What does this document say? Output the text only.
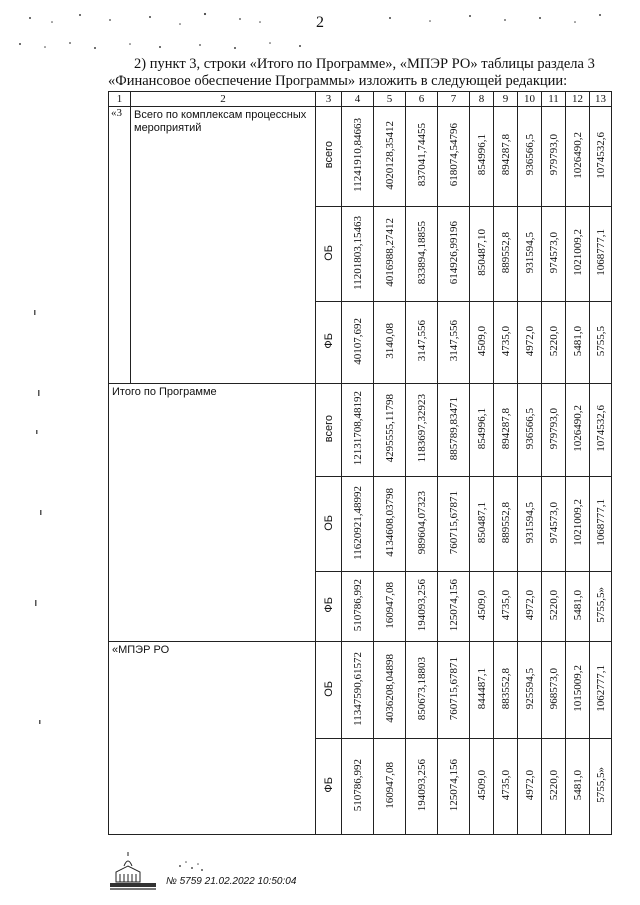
2
2) пункт 3, строки «Итого по Программе», «МПЭР РО» таблицы раздела 3
«Финансовое обеспечение Программы» изложить в следующей редакции:
1	2	3	4	5	6	7	8	9	10	11	12	13
«3	Всего по комплексам процессных мероприятий	всего	11241910,84663	4020128,35412	837041,74455	618074,54796	854996,1	894287,8	936566,5	979793,0	1026490,2	1074532,6
		ОБ	11201803,15463	4016988,27412	833894,18855	614926,99196	850487,10	889552,8	931594,5	974573,0	1021009,2	1068777,1
		ФБ	40107,692	3140,08	3147,556	3147,556	4509,0	4735,0	4972,0	5220,0	5481,0	5755,5

Итого по Программе		всего	12131708,48192	4295555,11798	1183697,32923	885789,83471	854996,1	894287,8	936566,5	979793,0	1026490,2	1074532,6
		ОБ	11620921,48992	4134608,03798	989604,07323	760715,67871	850487,1	889552,8	931594,5	974573,0	1021009,2	1068777,1
		ФБ	510786,992	160947,08	194093,256	125074,156	4509,0	4735,0	4972,0	5220,0	5481,0	5755,5»

«МПЭР РО		ОБ	11347590,61572	4036208,04898	850673,18803	760715,67871	844487,1	883552,8	925594,5	968573,0	1015009,2	1062777,1
		ФБ	510786,992	160947,08	194093,256	125074,156	4509,0	4735,0	4972,0	5220,0	5481,0	5755,5»
№ 5759 21.02.2022 10:50:04
